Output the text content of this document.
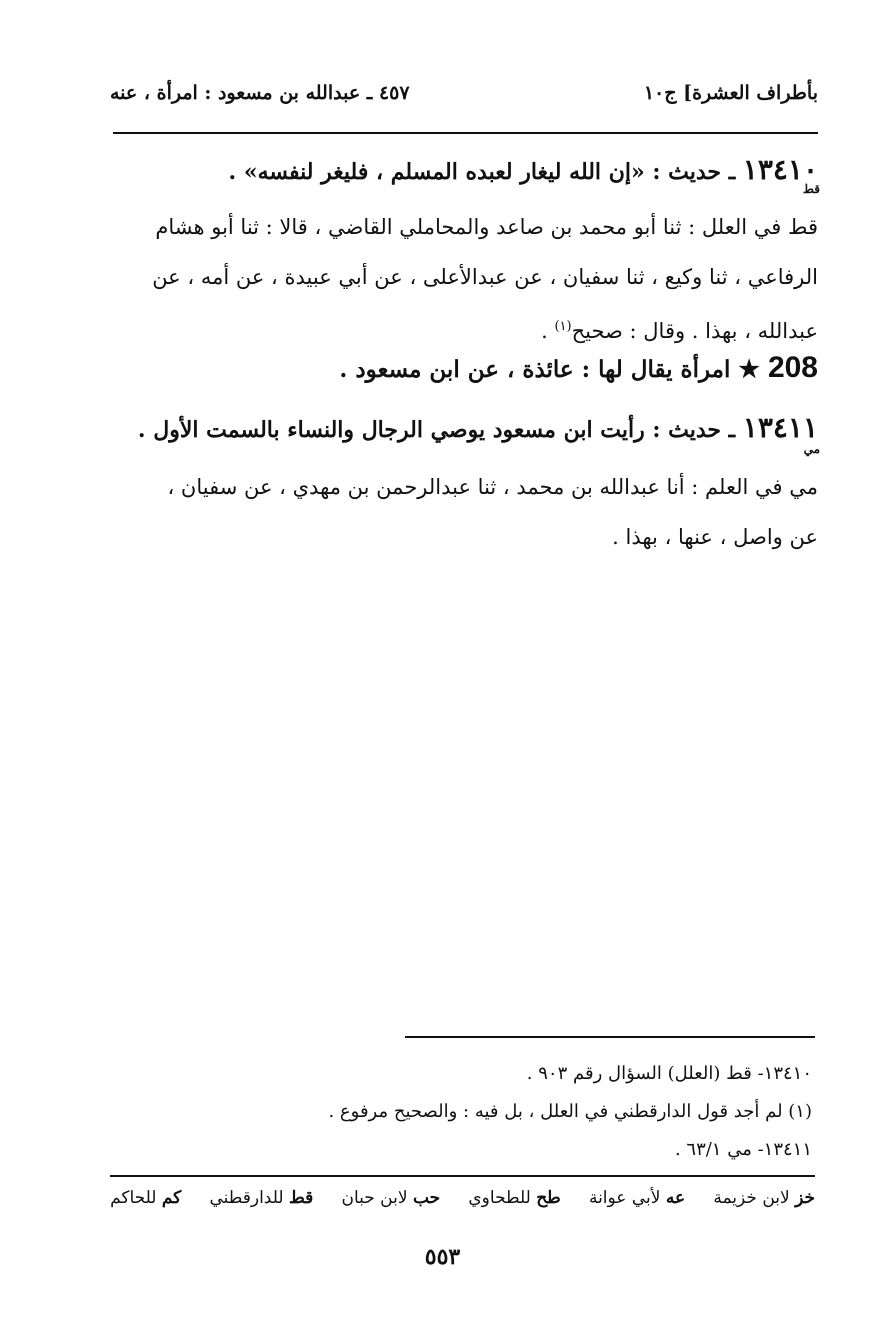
بأطراف العشرة] ج١٠
٤٥٧ ـ عبدالله بن مسعود : امرأة ، عنه
١٣٤١٠ ـ حديث : «إن الله ليغار لعبده المسلم ، فليغر لنفسه» .
قط
قط في العلل : ثنا أبو محمد بن صاعد والمحاملي القاضي ، قالا : ثنا أبو هشام
الرفاعي ، ثنا وكيع ، ثنا سفيان ، عن عبدالأعلى ، عن أبي عبيدة ، عن أمه ، عن
عبدالله ، بهذا . وقال : صحيح$^{(١)}$ .
208 ★ امرأة يقال لها : عائذة ، عن ابن مسعود .
١٣٤١١ ـ حديث : رأيت ابن مسعود يوصي الرجال والنساء بالسمت الأول .
مي
مي في العلم : أنا عبدالله بن محمد ، ثنا عبدالرحمن بن مهدي ، عن سفيان ،
عن واصل ، عنها ، بهذا .
١٣٤١٠- قط (العلل) السؤال رقم ٩٠٣ .
(١) لم أجد قول الدارقطني في العلل ، بل فيه : والصحيح مرفوع .
١٣٤١١- مي ٦٣/١ .
خز لابن خزيمة
عه لأبي عوانة
طح للطحاوي
حب لابن حبان
قط للدارقطني
كم للحاكم
٥٥٣
